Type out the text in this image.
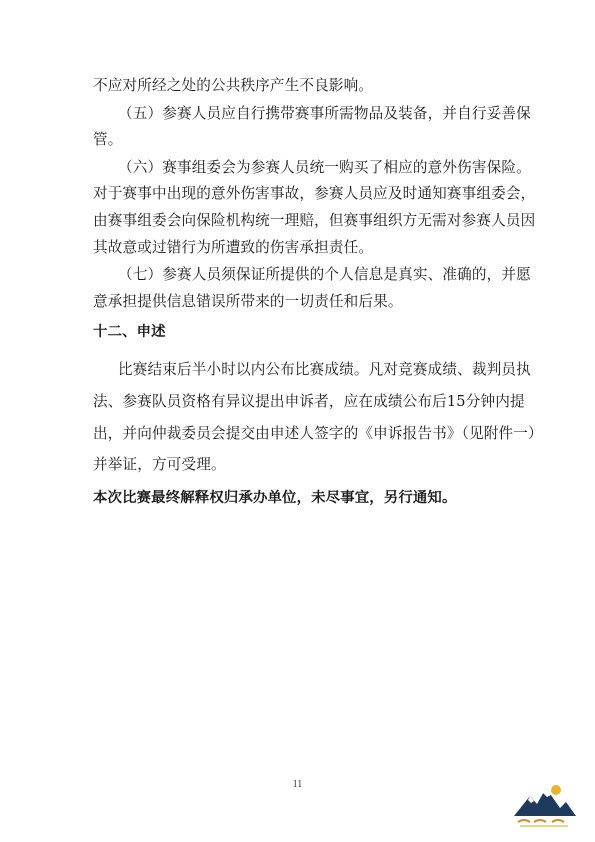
不应对所经之处的公共秩序产生不良影响。
（五）参赛人员应自行携带赛事所需物品及装备，并自行妥善保
管。
（六）赛事组委会为参赛人员统一购买了相应的意外伤害保险。
对于赛事中出现的意外伤害事故，参赛人员应及时通知赛事组委会，
由赛事组委会向保险机构统一理赔，但赛事组织方无需对参赛人员因
其故意或过错行为所遭致的伤害承担责任。
（七）参赛人员须保证所提供的个人信息是真实、准确的，并愿
意承担提供信息错误所带来的一切责任和后果。
十二、申述
比赛结束后半小时以内公布比赛成绩。凡对竞赛成绩、裁判员执
法、参赛队员资格有异议提出申诉者，应在成绩公布后15分钟内提
出，并向仲裁委员会提交由申述人签字的《申诉报告书》（见附件一）
并举证，方可受理。
本次比赛最终解释权归承办单位，未尽事宜，另行通知。
11
